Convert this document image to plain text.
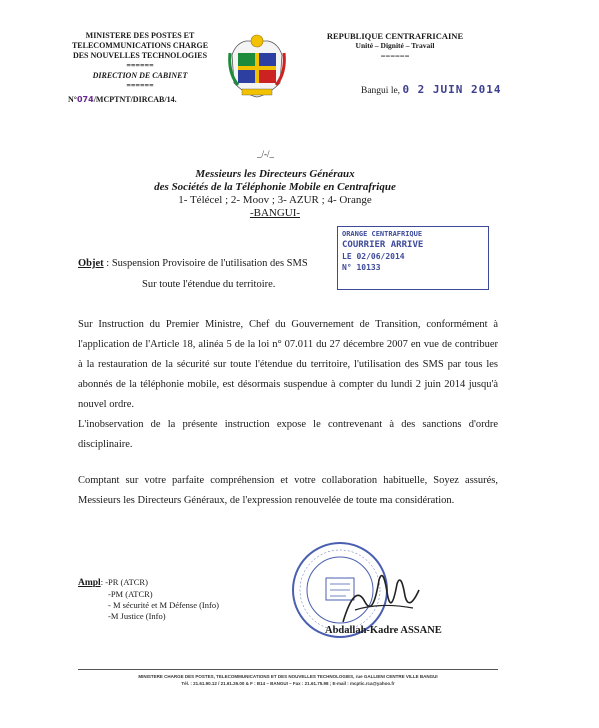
MINISTERE DES POSTES ET
TELECOMMUNICATIONS CHARGE
DES NOUVELLES TECHNOLOGIES
======
DIRECTION DE CABINET
======
REPUBLIQUE CENTRAFRICAINE
Unité – Dignité – Travail
======
N°074/MCPTNT/DIRCAB/14.
Bangui le, 0 2 JUIN 2014
_/-/_
Messieurs les Directeurs Généraux
des Sociétés de la Téléphonie Mobile en Centrafrique
1- Télécel ; 2- Moov ; 3- AZUR ; 4- Orange
-BANGUI-
ORANGE CENTRAFRIQUE
COURRIER ARRIVE
LE 02/06/2014
N° 10133
Objet : Suspension Provisoire de l'utilisation des SMS
Sur toute l'étendue du territoire.

Sur Instruction du Premier Ministre, Chef du Gouvernement de Transition, conformément à l'application de l'Article 18, alinéa 5 de la loi n° 07.011 du 27 décembre 2007 en vue de contribuer à la restauration de la sécurité sur toute l'étendue du territoire, l'utilisation des SMS par tous les abonnés de la téléphonie mobile, est désormais suspendue à compter du lundi 2 juin 2014 jusqu'à nouvel ordre.

L'inobservation de la présente instruction expose le contrevenant à des sanctions d'ordre disciplinaire.

Comptant sur votre parfaite compréhension et votre collaboration habituelle, Soyez assurés, Messieurs les Directeurs Généraux, de l'expression renouvelée de toute ma considération.

Ampl: -PR (ATCR)
-PM (ATCR)
- M sécurité et M Défense (Info)
-M Justice (Info)
Abdallah-Kadre ASSANE
MINISTERE CHARGE DES POSTES, TELECOMMUNICATIONS ET DES NOUVELLES TECHNOLOGIES, rue GALLIENI CENTRE VILLE BANGUI
Tél. : 21.61.90.12 / 21.61.26.00 & F : B14 – BANGUI – Fax : 21.61.75.98 ; E-mail : mcptic.rca@yahoo.fr
